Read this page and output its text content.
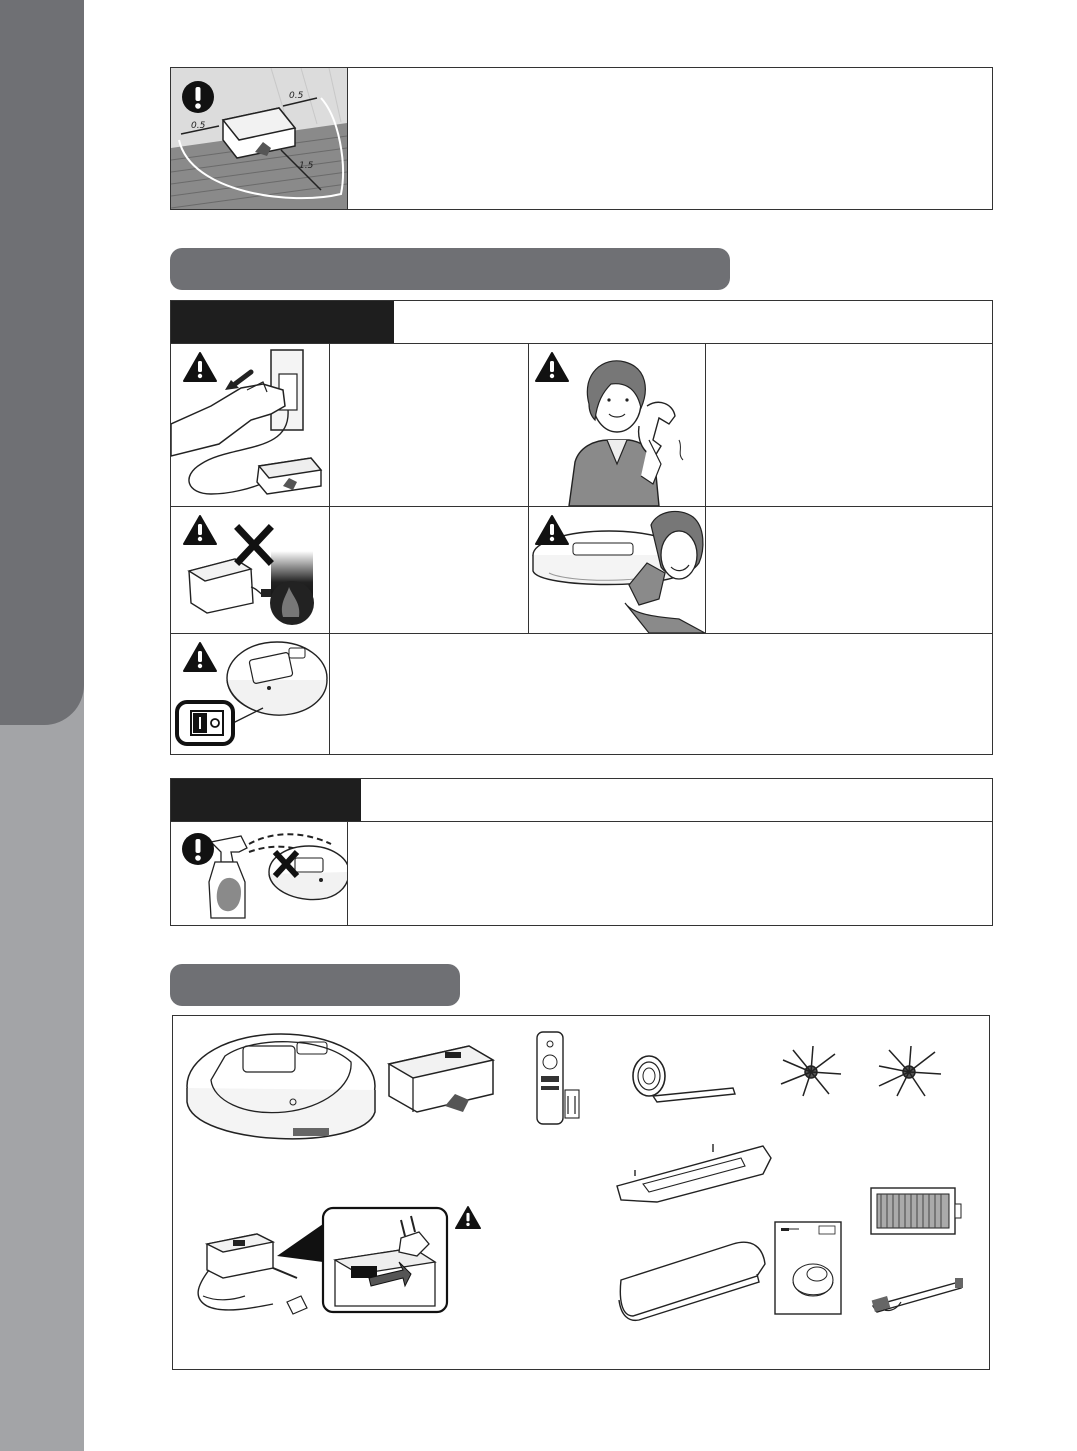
0.5
0.5
1.5
